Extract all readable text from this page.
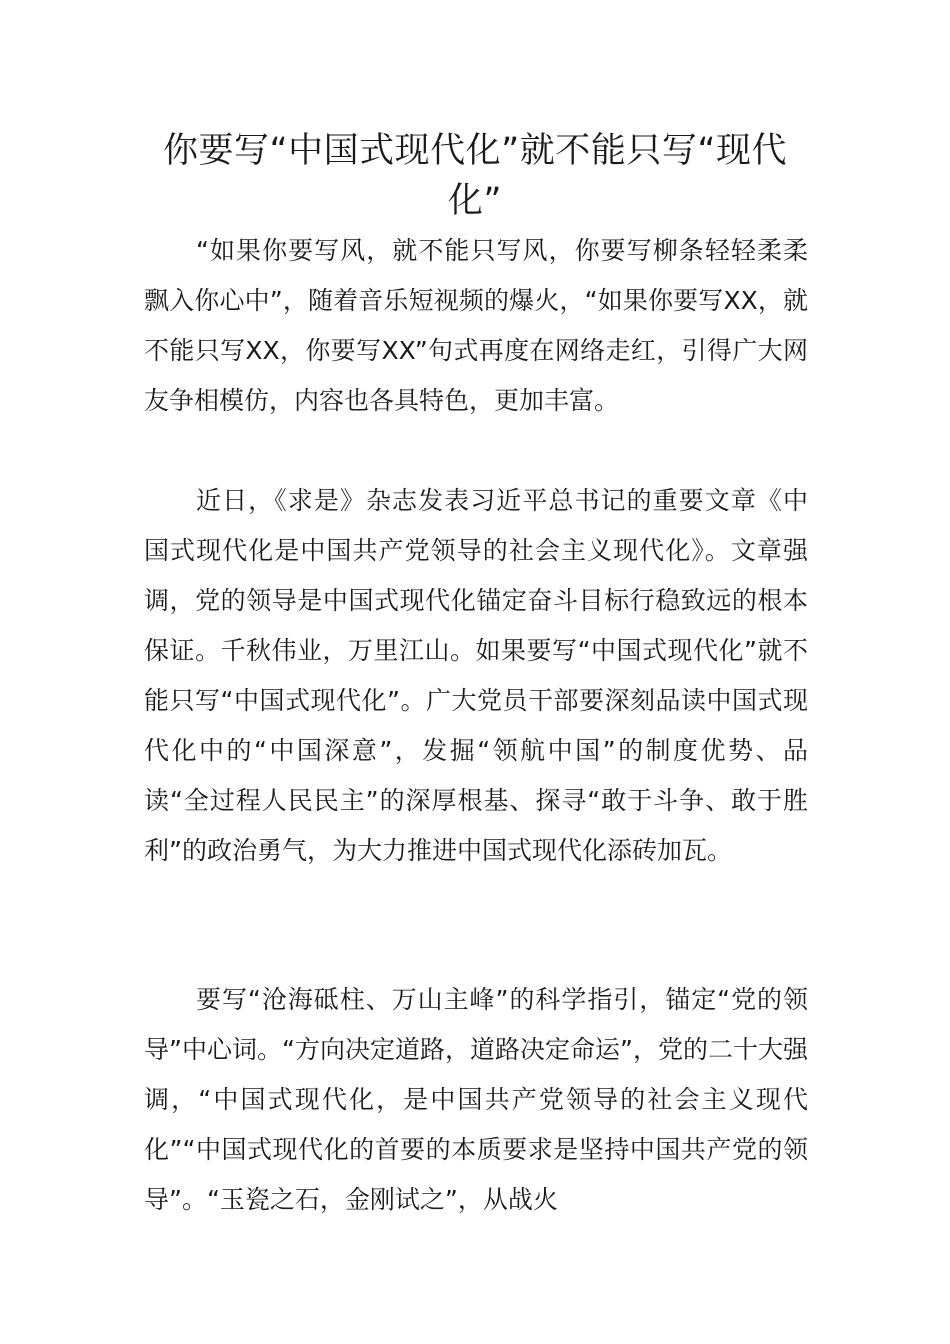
你要写“中国式现代化”就不能只写“现代化”

“如果你要写风，就不能只写风，你要写柳条轻轻柔柔飘入你心中”，随着音乐短视频的爆火，“如果你要写XX，就不能只写XX，你要写XX”句式再度在网络走红，引得广大网友争相模仿，内容也各具特色，更加丰富。

近日，《求是》杂志发表习近平总书记的重要文章《中国式现代化是中国共产党领导的社会主义现代化》。文章强调，党的领导是中国式现代化锚定奋斗目标行稳致远的根本保证。千秋伟业，万里江山。如果要写“中国式现代化”就不能只写“中国式现代化”。广大党员干部要深刻品读中国式现代化中的“中国深意”，发掘“领航中国”的制度优势、品读“全过程人民民主”的深厚根基、探寻“敢于斗争、敢于胜利”的政治勇气，为大力推进中国式现代化添砖加瓦。

要写“沧海砥柱、万山主峰”的科学指引，锚定“党的领导”中心词。“方向决定道路，道路决定命运”，党的二十大强调，“中国式现代化，是中国共产党领导的社会主义现代化”“中国式现代化的首要的本质要求是坚持中国共产党的领导”。“玉瓷之石，金刚试之”，从战火
